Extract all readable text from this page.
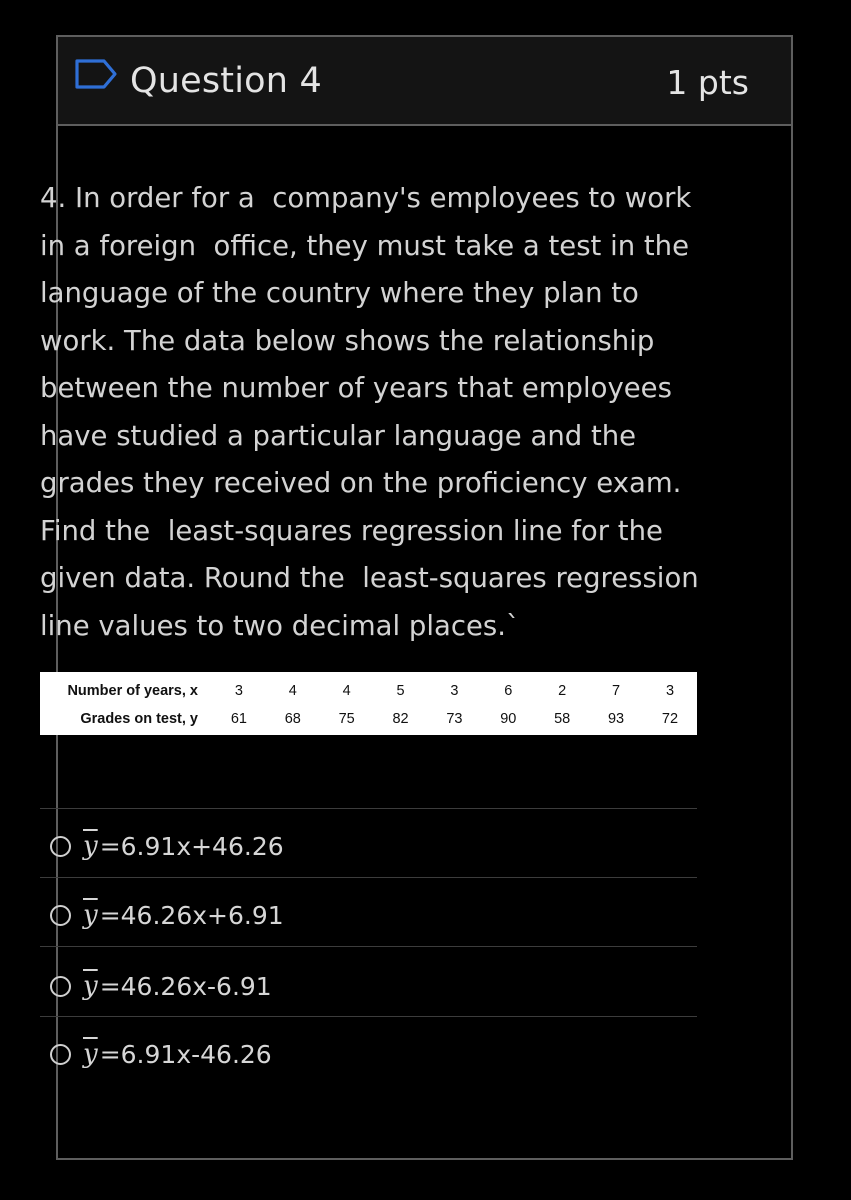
Question 4	1 pts

4. In order for a  company's employees to work in a foreign  office, they must take a test in the language of the country where they plan to work. The data below shows the relationship between the number of years that employees have studied a particular language and the grades they received on the proficiency exam. Find the  least-squares regression line for the given data. Round the  least-squares regression line values to two decimal places.`

Number of years, x	3	4	4	5	3	6	2	7	3
Grades on test, y	61	68	75	82	73	90	58	93	72
$\overline{y} =6.91x+46.26$
$\overline{y} =46.26x+6.91$
$\overline{y} =46.26x-6.91$
$\overline{y} =6.91x-46.26$
